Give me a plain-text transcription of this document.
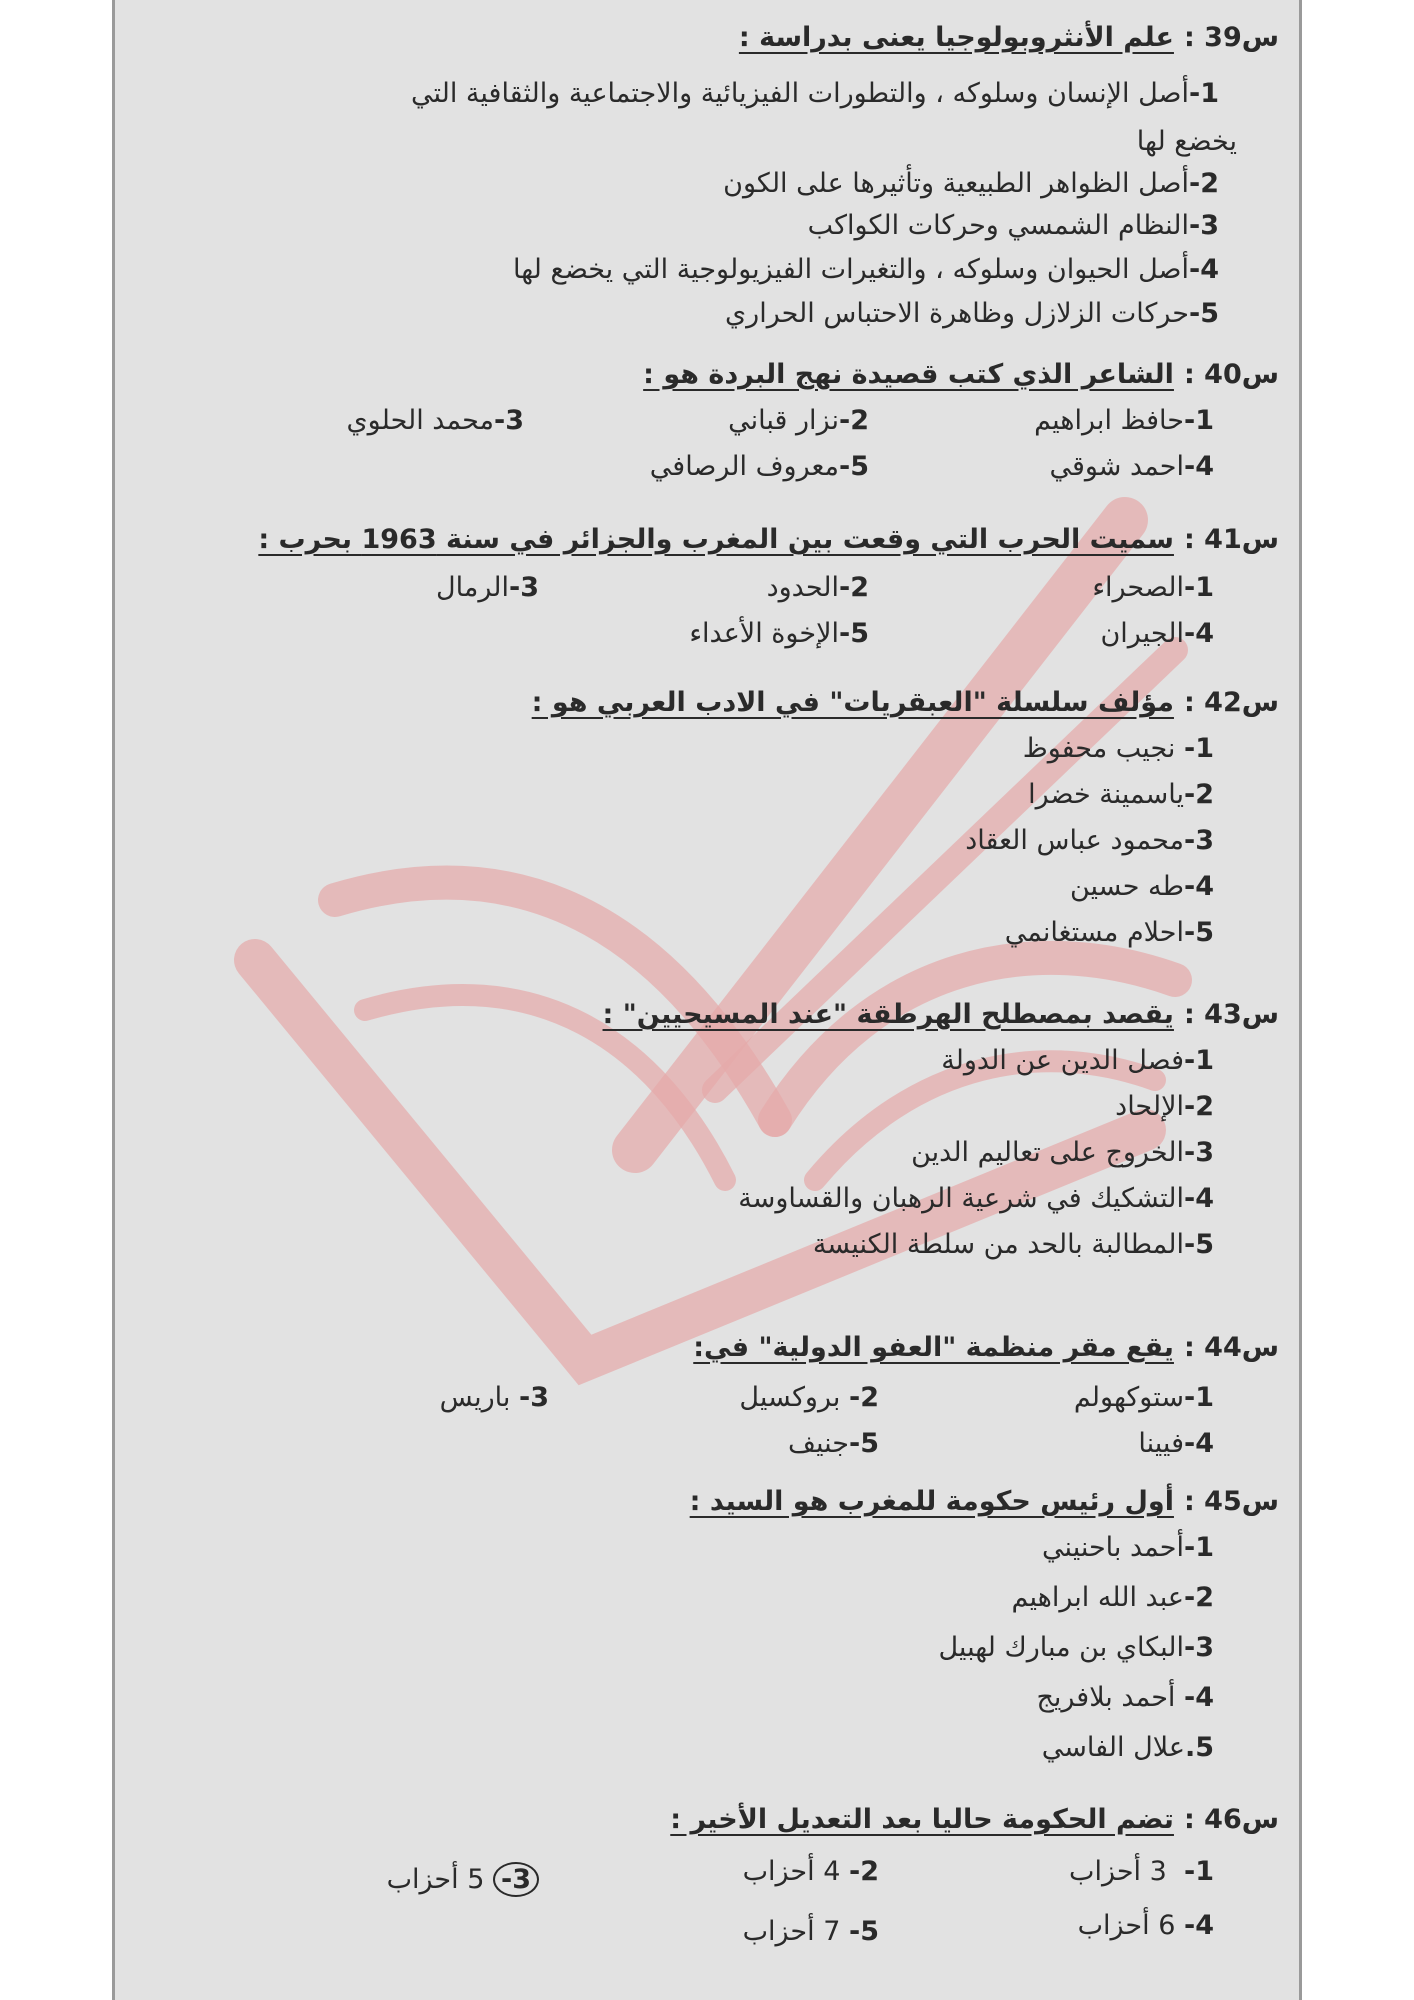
س39 :علم الأنثروبولوجيا يعنى بدراسة :
1-أصل الإنسان وسلوكه ، والتطورات الفيزيائية والاجتماعية والثقافية التي
يخضع لها
2-أصل الظواهر الطبيعية وتأثيرها على الكون
3-النظام الشمسي وحركات الكواكب
4-أصل الحيوان وسلوكه ، والتغيرات الفيزيولوجية التي يخضع لها
5-حركات الزلازل وظاهرة الاحتباس الحراري
س40 :الشاعر الذي كتب قصيدة نهج البردة هو :
1-حافظ ابراهيم
2-نزار قباني
3-محمد الحلوي
4-احمد شوقي
5-معروف الرصافي
س41 :سميت الحرب التي وقعت بين المغرب والجزائر في سنة 1963 بحرب :
1-الصحراء
2-الحدود
3-الرمال
4-الجيران
5-الإخوة الأعداء
س42 :مؤلف سلسلة "العبقريات" في الادب العربي هو :
1- نجيب محفوظ
2-ياسمينة خضرا
3-محمود عباس العقاد
4-طه حسين
5-احلام مستغانمي
س43 :يقصد بمصطلح الهرطقة "عند المسيحيين" :
1-فصل الدين عن الدولة
2-الإلحاد
3-الخروج على تعاليم الدين
4-التشكيك في شرعية الرهبان والقساوسة
5-المطالبة بالحد من سلطة الكنيسة
س44 :يقع مقر منظمة "العفو الدولية" في:
1-ستوكهولم
2- بروكسيل
3- باريس
4-فيينا
5-جنيف
س45 :أول رئيس حكومة للمغرب هو السيد :
1-أحمد باحنيني
2-عبد الله ابراهيم
3-البكاي بن مبارك لهبيل
4- أحمد بلافريج
5.علال الفاسي
س46 :تضم الحكومة حاليا بعد التعديل الأخير :
1-  3 أحزاب
2- 4 أحزاب
3- 5 أحزاب
4- 6 أحزاب
5- 7 أحزاب
